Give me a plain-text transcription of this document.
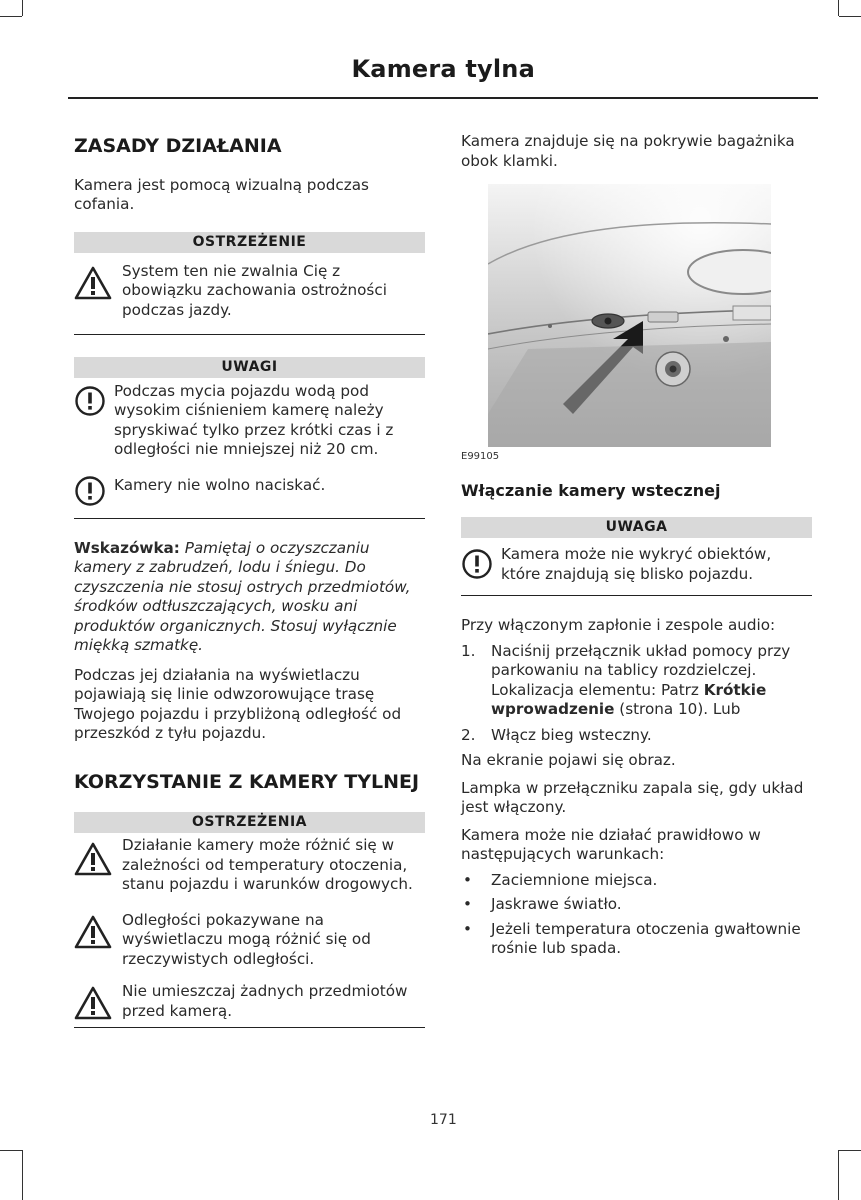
Kamera tylna
ZASADY DZIAŁANIA

Kamera jest pomocą wizualną podczas cofania.

OSTRZEŻENIE
System ten nie zwalnia Cię z obowiązku zachowania ostrożności podczas jazdy.
UWAGI
Podczas mycia pojazdu wodą pod wysokim ciśnieniem kamerę należy spryskiwać tylko przez krótki czas i z odległości nie mniejszej niż 20 cm.
Kamery nie wolno naciskać.

Wskazówka: Pamiętaj o oczyszczaniu kamery z zabrudzeń, lodu i śniegu. Do czyszczenia nie stosuj ostrych przedmiotów, środków odtłuszczających, wosku ani produktów organicznych. Stosuj wyłącznie miękką szmatkę.

Podczas jej działania na wyświetlaczu pojawiają się linie odwzorowujące trasę Twojego pojazdu i przybliżoną odległość od przeszkód z tyłu pojazdu.

KORZYSTANIE Z KAMERY TYLNEJ
OSTRZEŻENIA
Działanie kamery może różnić się w zależności od temperatury otoczenia, stanu pojazdu i warunków drogowych.
Odległości pokazywane na wyświetlaczu mogą różnić się od rzeczywistych odległości.
Nie umieszczaj żadnych przedmiotów przed kamerą.

Kamera znajduje się na pokrywie bagażnika obok klamki.

E99105
Włączanie kamery wstecznej
UWAGA
Kamera może nie wykryć obiektów, które znajdują się blisko pojazdu.

Przy włączonym zapłonie i zespole audio:

1. Naciśnij przełącznik układ pomocy przy parkowaniu na tablicy rozdzielczej. Lokalizacja elementu: Patrz Krótkie wprowadzenie (strona 10). Lub
2. Włącz bieg wsteczny.

Na ekranie pojawi się obraz.

Lampka w przełączniku zapala się, gdy układ jest włączony.

Kamera może nie działać prawidłowo w następujących warunkach:

• Zaciemnione miejsca.
• Jaskrawe światło.
• Jeżeli temperatura otoczenia gwałtownie rośnie lub spada.
171
